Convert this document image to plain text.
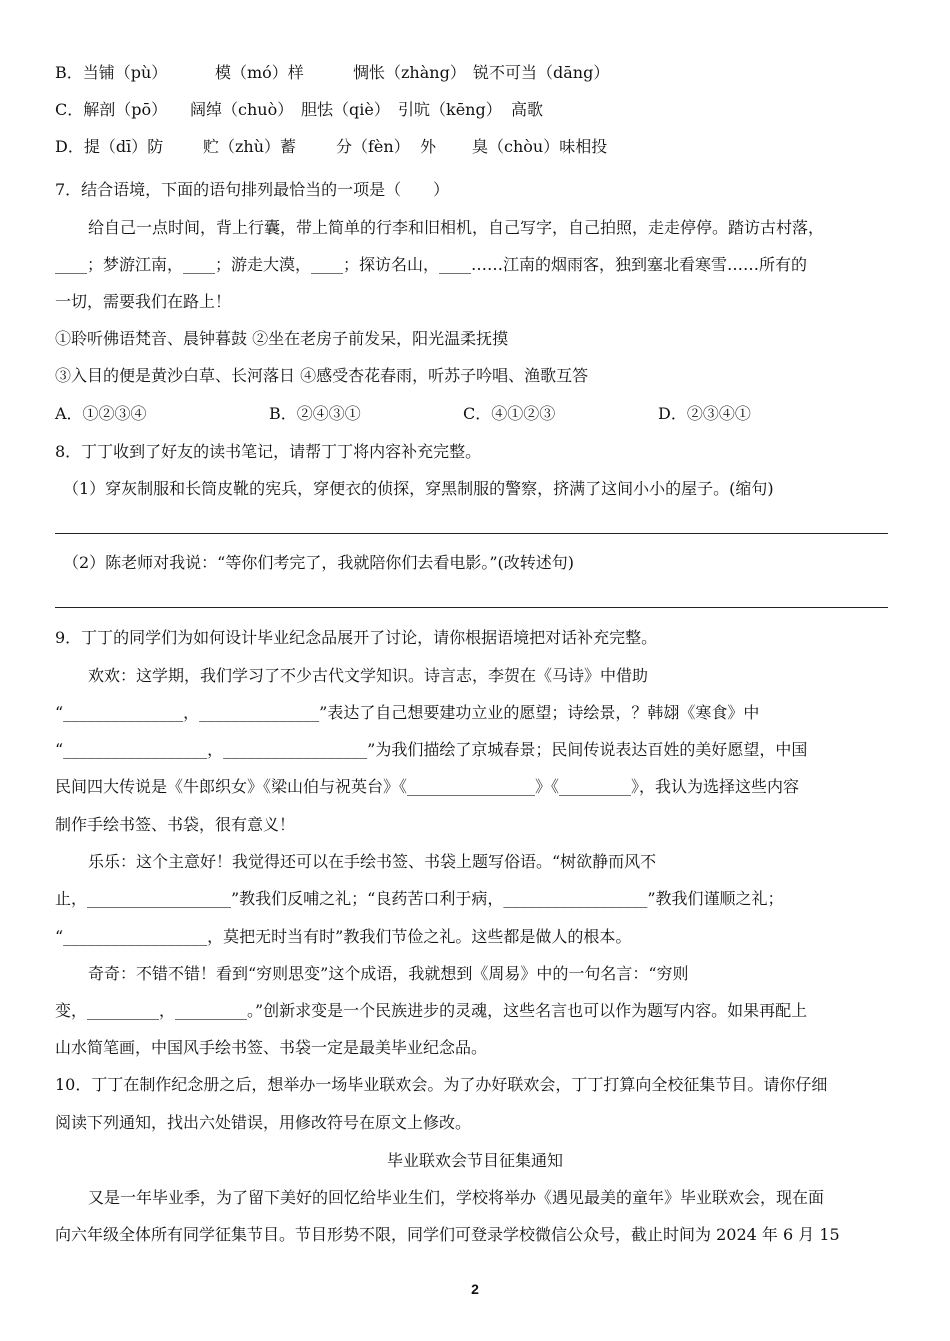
B．当铺（pù）	模（mó）样	惆怅（zhàng） 锐不可当（dāng）
C．解剖（pō） 阔绰（chuò） 胆怯（qiè） 引吭（kēng） 高歌
D．提（dī）防 贮（zhù）蓄 分（fèn） 外 臭（chòu）味相投
7．结合语境，下面的语句排列最恰当的一项是（　　）
给自己一点时间，背上行囊，带上简单的行李和旧相机，自己写字，自己拍照，走走停停。踏访古村落，
____；梦游江南，____；游走大漠，____；探访名山，____……江南的烟雨客，独到塞北看寒雪……所有的
一切，需要我们在路上！
①聆听佛语梵音、晨钟暮鼓 ②坐在老房子前发呆，阳光温柔抚摸
③入目的便是黄沙白草、长河落日 ④感受杏花春雨，听苏子吟唱、渔歌互答
A．①②③④	B．②④③①	C．④①②③	D．②③④①
8．丁丁收到了好友的读书笔记，请帮丁丁将内容补充完整。
（1）穿灰制服和长筒皮靴的宪兵，穿便衣的侦探，穿黑制服的警察，挤满了这间小小的屋子。(缩句)
（2）陈老师对我说：“等你们考完了，我就陪你们去看电影。”(改转述句)
9．丁丁的同学们为如何设计毕业纪念品展开了讨论，请你根据语境把对话补充完整。
欢欢：这学期，我们学习了不少古代文学知识。诗言志，李贺在《马诗》中借助
“_______________，_______________”表达了自己想要建功立业的愿望；诗绘景，？韩翃《寒食》中
“__________________，__________________”为我们描绘了京城春景；民间传说表达百姓的美好愿望，中国
民间四大传说是《牛郎织女》《梁山伯与祝英台》《________________》《_________》，我认为选择这些内容
制作手绘书签、书袋，很有意义！
乐乐：这个主意好！我觉得还可以在手绘书签、书袋上题写俗语。“树欲静而风不
止，__________________”教我们反哺之礼；“良药苦口利于病，__________________”教我们谨顺之礼；
“__________________，莫把无时当有时”教我们节俭之礼。这些都是做人的根本。
奇奇：不错不错！看到“穷则思变”这个成语，我就想到《周易》中的一句名言：“穷则
变，_________，_________。”创新求变是一个民族进步的灵魂，这些名言也可以作为题写内容。如果再配上
山水简笔画，中国风手绘书签、书袋一定是最美毕业纪念品。
10．丁丁在制作纪念册之后，想举办一场毕业联欢会。为了办好联欢会，丁丁打算向全校征集节目。请你仔细
阅读下列通知，找出六处错误，用修改符号在原文上修改。
毕业联欢会节目征集通知
又是一年毕业季，为了留下美好的回忆给毕业生们，学校将举办《遇见最美的童年》毕业联欢会，现在面
向六年级全体所有同学征集节目。节目形势不限，同学们可登录学校微信公众号，截止时间为 2024 年 6 月 15
2
